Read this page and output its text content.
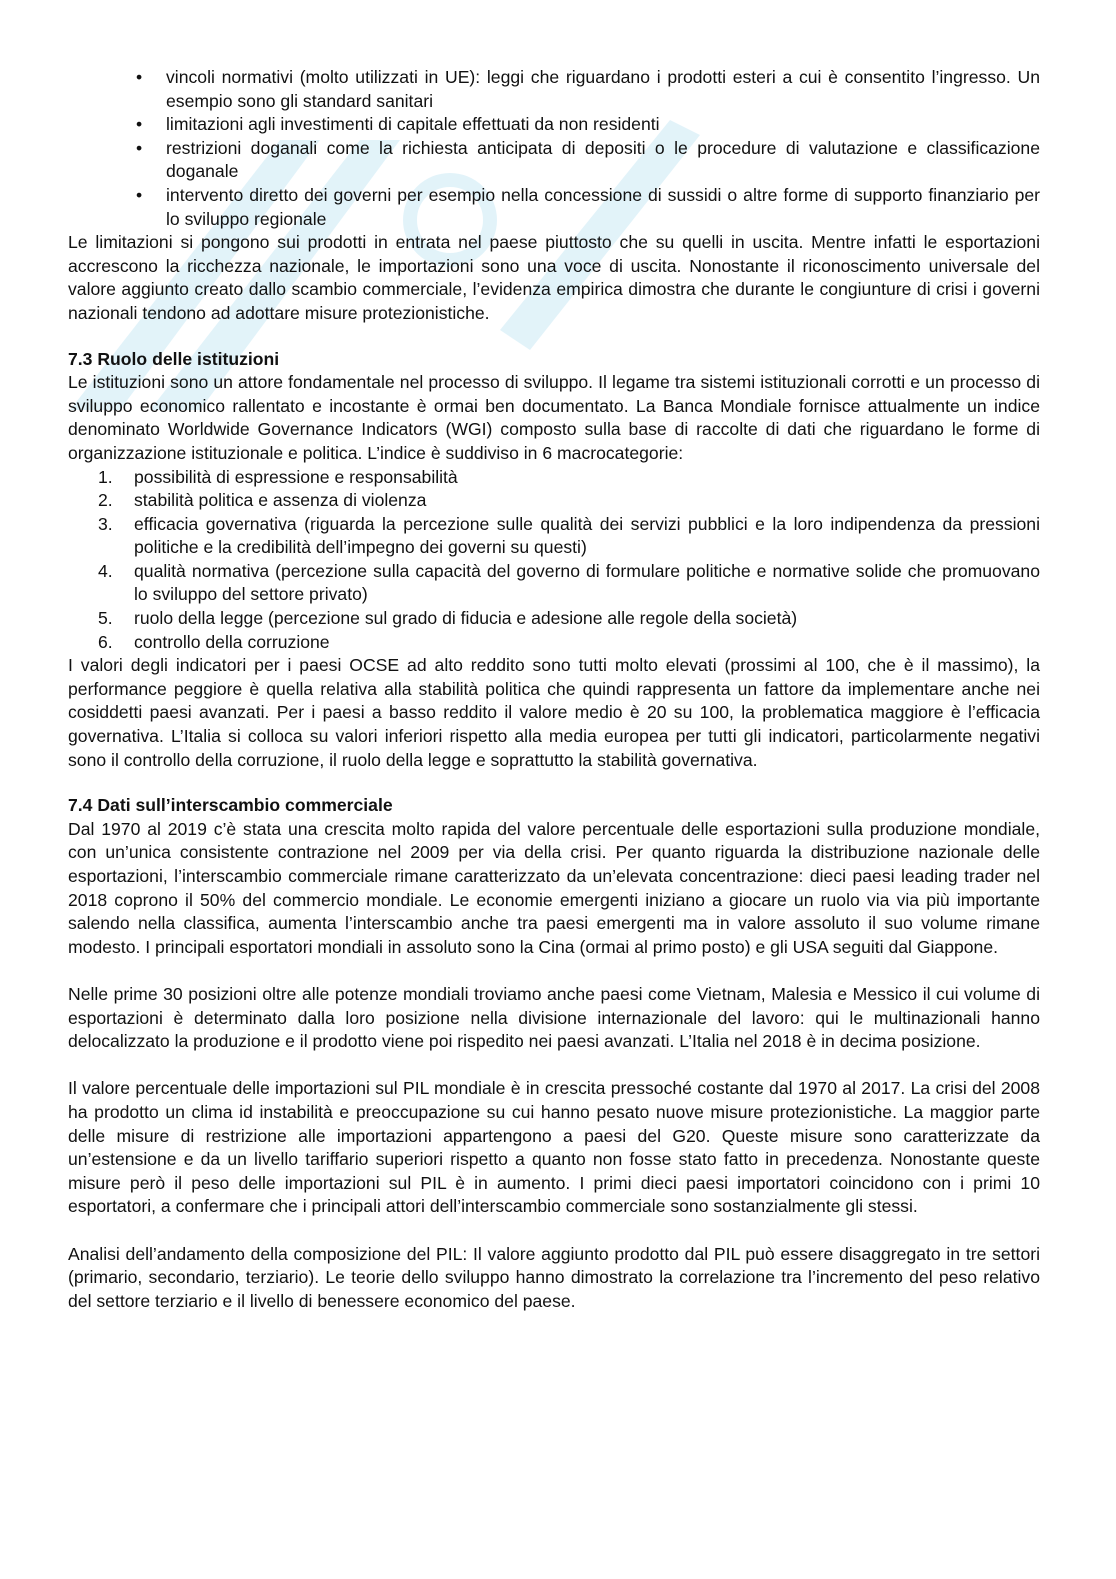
• vincoli normativi (molto utilizzati in UE): leggi che riguardano i prodotti esteri a cui è consentito l’ingresso. Un esempio sono gli standard sanitari
• limitazioni agli investimenti di capitale effettuati da non residenti
• restrizioni doganali come la richiesta anticipata di depositi o le procedure di valutazione e classificazione doganale
• intervento diretto dei governi per esempio nella concessione di sussidi o altre forme di supporto finanziario per lo sviluppo regionale

Le limitazioni si pongono sui prodotti in entrata nel paese piuttosto che su quelli in uscita. Mentre infatti le esportazioni accrescono la ricchezza nazionale, le importazioni sono una voce di uscita. Nonostante il riconoscimento universale del valore aggiunto creato dallo scambio commerciale, l’evidenza empirica dimostra che durante le congiunture di crisi i governi nazionali tendono ad adottare misure protezionistiche.

7.3 Ruolo delle istituzioni

Le istituzioni sono un attore fondamentale nel processo di sviluppo. Il legame tra sistemi istituzionali corrotti e un processo di sviluppo economico rallentato e incostante è ormai ben documentato. La Banca Mondiale fornisce attualmente un indice denominato Worldwide Governance Indicators (WGI) composto sulla base di raccolte di dati che riguardano le forme di organizzazione istituzionale e politica. L’indice è suddiviso in 6 macrocategorie:

1. possibilità di espressione e responsabilità
2. stabilità politica e assenza di violenza
3. efficacia governativa (riguarda la percezione sulle qualità dei servizi pubblici e la loro indipendenza da pressioni politiche e la credibilità dell’impegno dei governi su questi)
4. qualità normativa (percezione sulla capacità del governo di formulare politiche e normative solide che promuovano lo sviluppo del settore privato)
5. ruolo della legge (percezione sul grado di fiducia e adesione alle regole della società)
6. controllo della corruzione

I valori degli indicatori per i paesi OCSE ad alto reddito sono tutti molto elevati (prossimi al 100, che è il massimo), la performance peggiore è quella relativa alla stabilità politica che quindi rappresenta un fattore da implementare anche nei cosiddetti paesi avanzati. Per i paesi a basso reddito il valore medio è 20 su 100, la problematica maggiore è l’efficacia governativa. L’Italia si colloca su valori inferiori rispetto alla media europea per tutti gli indicatori, particolarmente negativi sono il controllo della corruzione, il ruolo della legge e soprattutto la stabilità governativa.

7.4 Dati sull’interscambio commerciale

Dal 1970 al 2019 c’è stata una crescita molto rapida del valore percentuale delle esportazioni sulla produzione mondiale, con un’unica consistente contrazione nel 2009 per via della crisi. Per quanto riguarda la distribuzione nazionale delle esportazioni, l’interscambio commerciale rimane caratterizzato da un’elevata concentrazione: dieci paesi leading trader nel 2018 coprono il 50% del commercio mondiale. Le economie emergenti iniziano a giocare un ruolo via via più importante salendo nella classifica, aumenta l’interscambio anche tra paesi emergenti ma in valore assoluto il suo volume rimane modesto. I principali esportatori mondiali in assoluto sono la Cina (ormai al primo posto) e gli USA seguiti dal Giappone.

Nelle prime 30 posizioni oltre alle potenze mondiali troviamo anche paesi come Vietnam, Malesia e Messico il cui volume di esportazioni è determinato dalla loro posizione nella divisione internazionale del lavoro: qui le multinazionali hanno delocalizzato la produzione e il prodotto viene poi rispedito nei paesi avanzati. L’Italia nel 2018 è in decima posizione.

Il valore percentuale delle importazioni sul PIL mondiale è in crescita pressoché costante dal 1970 al 2017. La crisi del 2008 ha prodotto un clima id instabilità e preoccupazione su cui hanno pesato nuove misure protezionistiche. La maggior parte delle misure di restrizione alle importazioni appartengono a paesi del G20. Queste misure sono caratterizzate da un’estensione e da un livello tariffario superiori rispetto a quanto non fosse stato fatto in precedenza. Nonostante queste misure però il peso delle importazioni sul PIL è in aumento. I primi dieci paesi importatori coincidono con i primi 10 esportatori, a confermare che i principali attori dell’interscambio commerciale sono sostanzialmente gli stessi.

Analisi dell’andamento della composizione del PIL: Il valore aggiunto prodotto dal PIL può essere disaggregato in tre settori (primario, secondario, terziario). Le teorie dello sviluppo hanno dimostrato la correlazione tra l’incremento del peso relativo del settore terziario e il livello di benessere economico del paese.
